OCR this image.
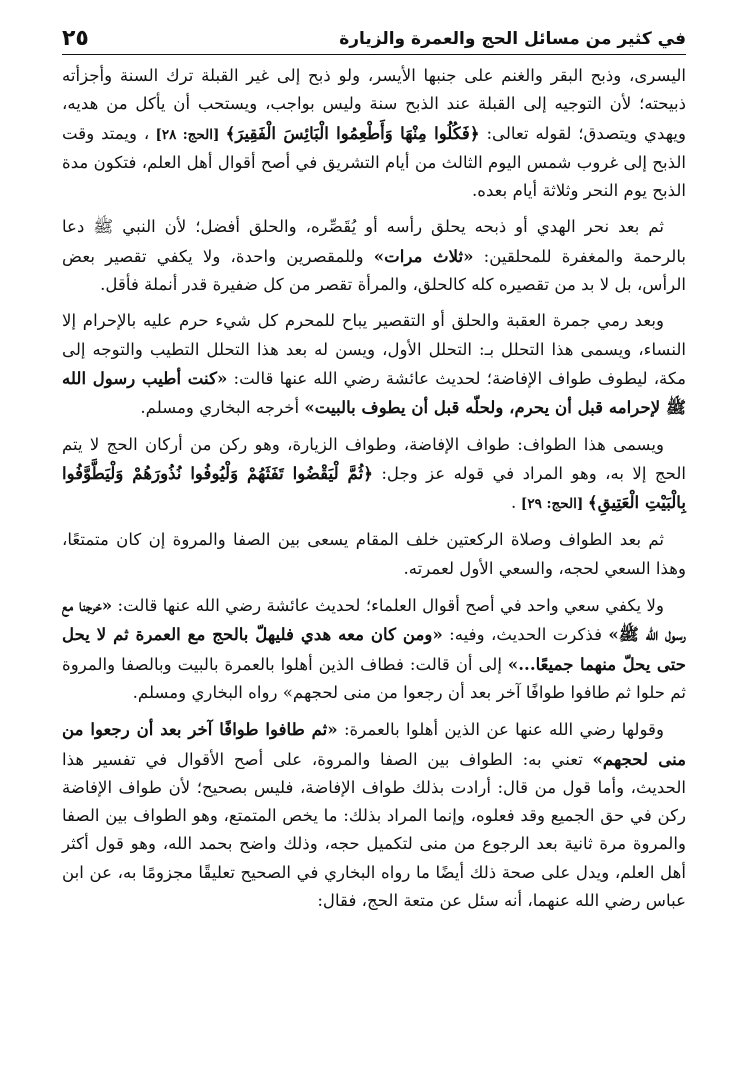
٢٥	في كثير من مسائل الحج والعمرة والزيارة

اليسرى، وذبح البقر والغنم على جنبها الأيسر، ولو ذبح إلى غير القبلة ترك السنة وأجزأته ذبيحته؛ لأن التوجيه إلى القبلة عند الذبح سنة وليس بواجب، ويستحب أن يأكل من هديه، ويهدي ويتصدق؛ لقوله تعالى: ﴿فَكُلُوا مِنْهَا وَأَطْعِمُوا الْبَائِسَ الْفَقِيرَ﴾ [الحج: ٢٨] ، ويمتد وقت الذبح إلى غروب شمس اليوم الثالث من أيام التشريق في أصح أقوال أهل العلم، فتكون مدة الذبح يوم النحر وثلاثة أيام بعده.

ثم بعد نحر الهدي أو ذبحه يحلق رأسه أو يُقَصِّره، والحلق أفضل؛ لأن النبي ﷺ دعا بالرحمة والمغفرة للمحلقين: «ثلاث مرات» وللمقصرين واحدة، ولا يكفي تقصير بعض الرأس، بل لا بد من تقصيره كله كالحلق، والمرأة تقصر من كل ضفيرة قدر أنملة فأقل.

وبعد رمي جمرة العقبة والحلق أو التقصير يباح للمحرم كل شيء حرم عليه بالإحرام إلا النساء، ويسمى هذا التحلل بـ: التحلل الأول، ويسن له بعد هذا التحلل التطيب والتوجه إلى مكة، ليطوف طواف الإفاضة؛ لحديث عائشة رضي الله عنها قالت: «كنت أطيب رسول الله ﷺ لإحرامه قبل أن يحرم، ولحلّه قبل أن يطوف بالبيت» أخرجه البخاري ومسلم.

ويسمى هذا الطواف: طواف الإفاضة، وطواف الزيارة، وهو ركن من أركان الحج لا يتم الحج إلا به، وهو المراد في قوله عز وجل: ﴿ثُمَّ لْيَقْضُوا تَفَثَهُمْ وَلْيُوفُوا نُذُورَهُمْ وَلْيَطَّوَّفُوا بِالْبَيْتِ الْعَتِيقِ﴾ [الحج: ٢٩] .

ثم بعد الطواف وصلاة الركعتين خلف المقام يسعى بين الصفا والمروة إن كان متمتعًا، وهذا السعي لحجه، والسعي الأول لعمرته.

ولا يكفي سعي واحد في أصح أقوال العلماء؛ لحديث عائشة رضي الله عنها قالت: «خرجنا مع رسول الله ﷺ» فذكرت الحديث، وفيه: «ومن كان معه هدي فليهلّ بالحج مع العمرة ثم لا يحل حتى يحلّ منهما جميعًا...» إلى أن قالت: فطاف الذين أهلوا بالعمرة بالبيت وبالصفا والمروة ثم حلوا ثم طافوا طوافًا آخر بعد أن رجعوا من منى لحجهم» رواه البخاري ومسلم.

وقولها رضي الله عنها عن الذين أهلوا بالعمرة: «ثم طافوا طوافًا آخر بعد أن رجعوا من منى لحجهم» تعني به: الطواف بين الصفا والمروة، على أصح الأقوال في تفسير هذا الحديث، وأما قول من قال: أرادت بذلك طواف الإفاضة، فليس بصحيح؛ لأن طواف الإفاضة ركن في حق الجميع وقد فعلوه، وإنما المراد بذلك: ما يخص المتمتع، وهو الطواف بين الصفا والمروة مرة ثانية بعد الرجوع من منى لتكميل حجه، وذلك واضح بحمد الله، وهو قول أكثر أهل العلم، ويدل على صحة ذلك أيضًا ما رواه البخاري في الصحيح تعليقًا مجزومًا به، عن ابن عباس رضي الله عنهما، أنه سئل عن متعة الحج، فقال:
